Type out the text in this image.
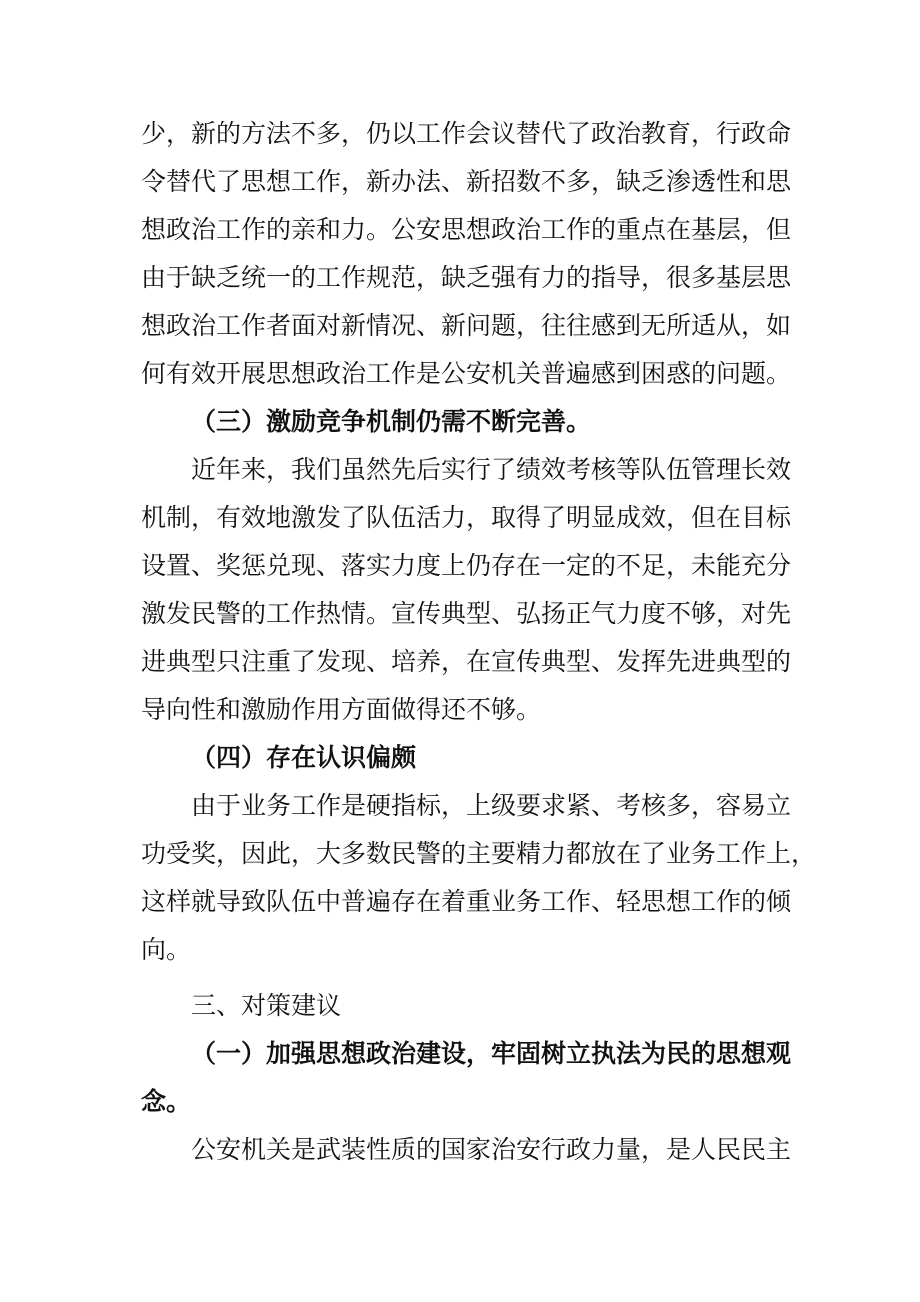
少，新的方法不多，仍以工作会议替代了政治教育，行政命
令替代了思想工作，新办法、新招数不多，缺乏渗透性和思
想政治工作的亲和力。公安思想政治工作的重点在基层，但
由于缺乏统一的工作规范，缺乏强有力的指导，很多基层思
想政治工作者面对新情况、新问题，往往感到无所适从，如
何有效开展思想政治工作是公安机关普遍感到困惑的问题。
（三）激励竞争机制仍需不断完善。
近年来，我们虽然先后实行了绩效考核等队伍管理长效
机制，有效地激发了队伍活力，取得了明显成效，但在目标
设置、奖惩兑现、落实力度上仍存在一定的不足，未能充分
激发民警的工作热情。宣传典型、弘扬正气力度不够，对先
进典型只注重了发现、培养，在宣传典型、发挥先进典型的
导向性和激励作用方面做得还不够。
（四）存在认识偏颇
由于业务工作是硬指标，上级要求紧、考核多，容易立
功受奖，因此，大多数民警的主要精力都放在了业务工作上，
这样就导致队伍中普遍存在着重业务工作、轻思想工作的倾
向。
三、对策建议
（一）加强思想政治建设，牢固树立执法为民的思想观
念。
公安机关是武装性质的国家治安行政力量，是人民民主
